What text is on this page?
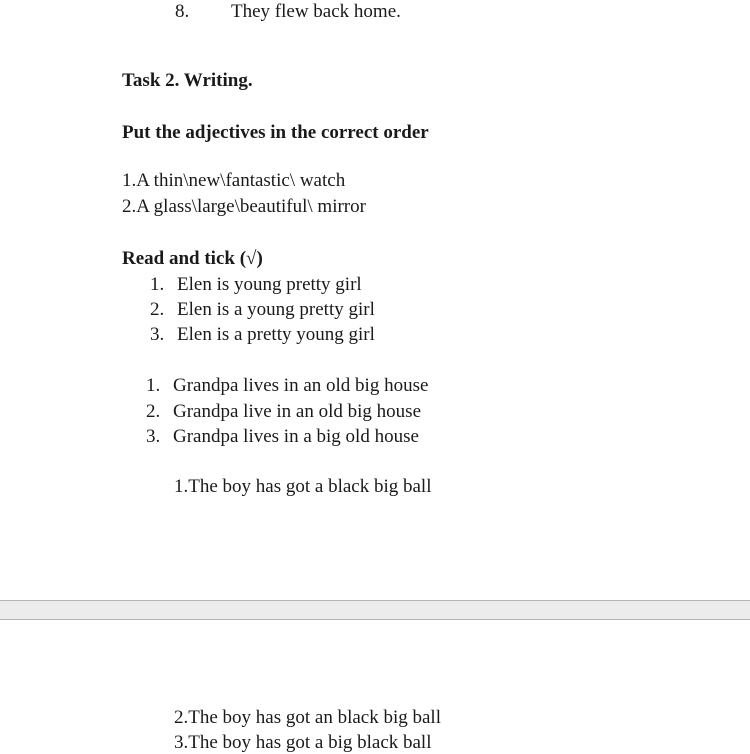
8. They flew back home.
Task 2. Writing.
Put the adjectives in the correct order
1.A thin\new\fantastic\ watch
2.A glass\large\beautiful\ mirror
Read and tick (√)
1. Elen is young pretty girl
2. Elen is a young pretty girl
3. Elen is a pretty young girl
1. Grandpa lives in an old big house
2. Grandpa live in an old big house
3. Grandpa lives in a big old house
1.The boy has got a black big ball
2.The boy has got an black big ball
3.The boy has got a big black ball
